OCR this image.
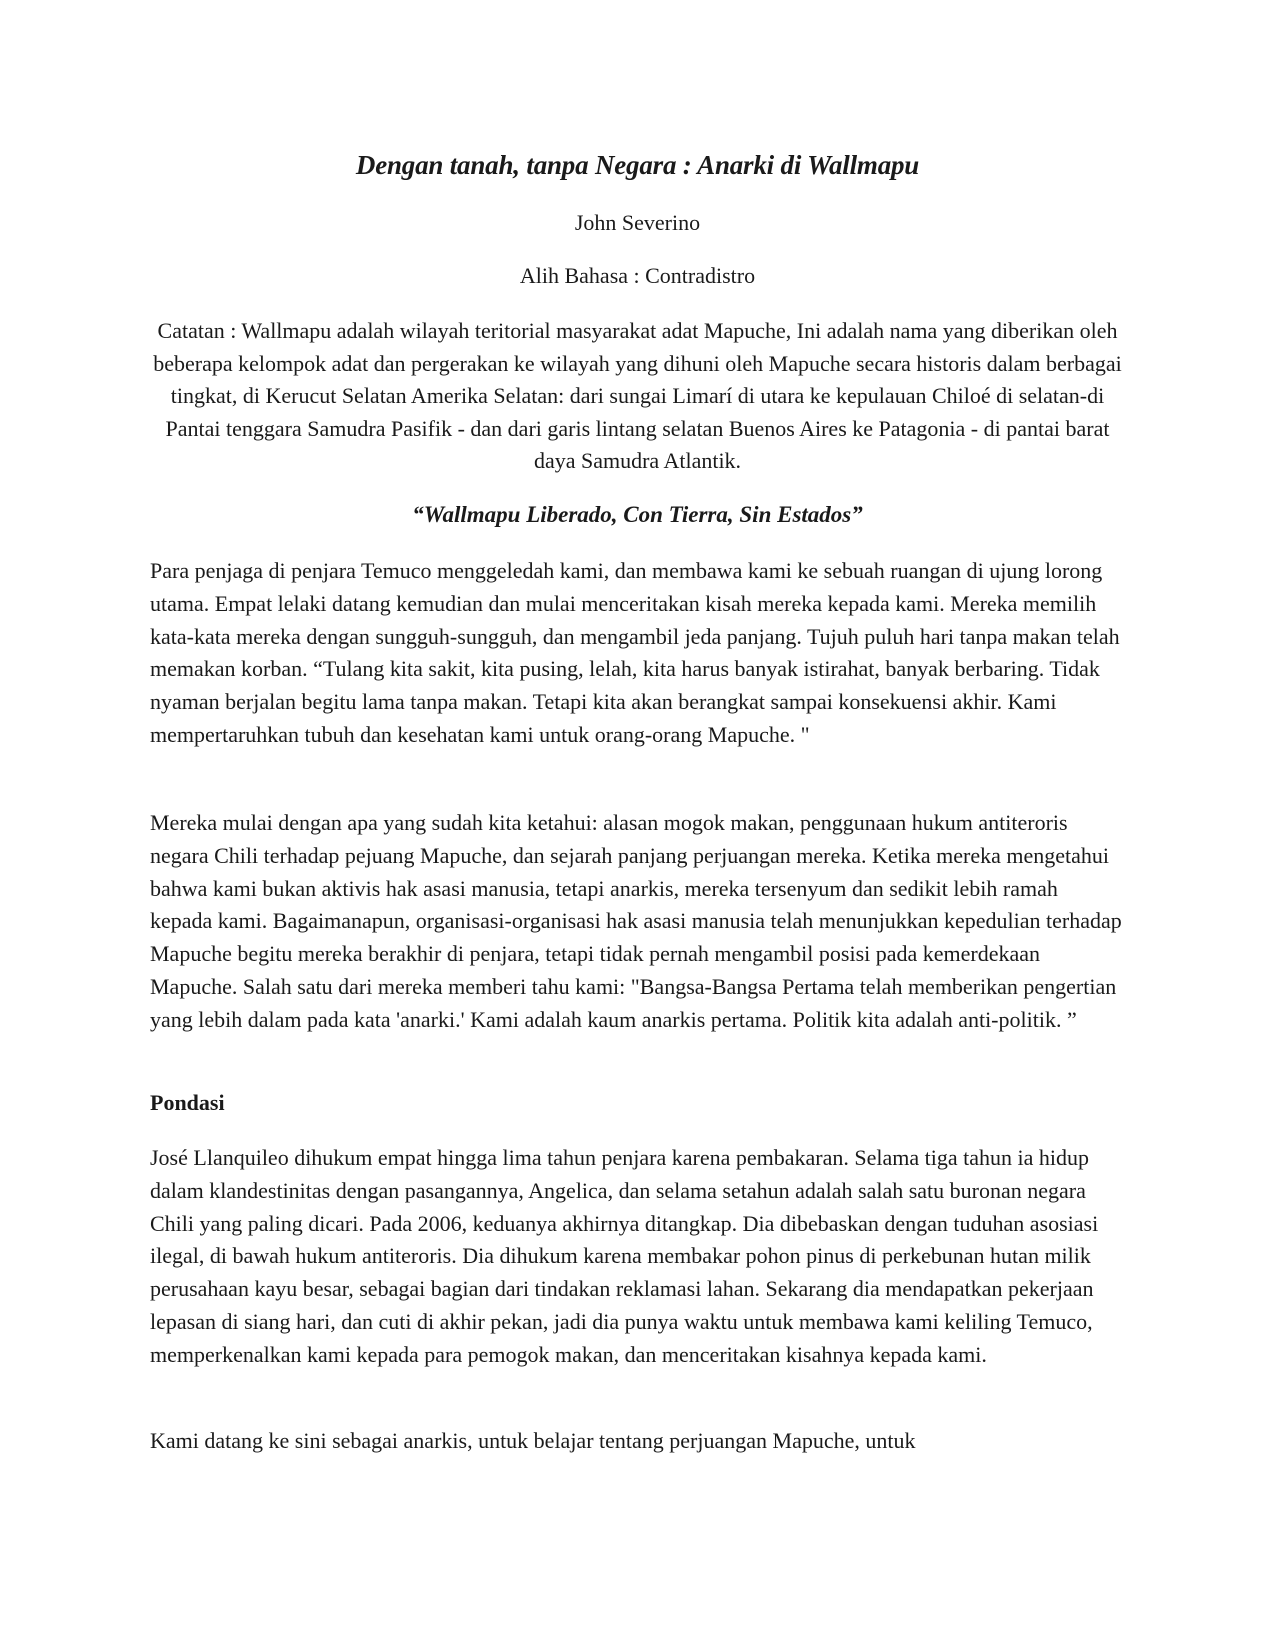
Dengan tanah, tanpa Negara : Anarki di Wallmapu

John Severino

Alih Bahasa : Contradistro

Catatan : Wallmapu adalah wilayah teritorial masyarakat adat Mapuche, Ini adalah nama yang diberikan oleh beberapa kelompok adat dan pergerakan ke wilayah yang dihuni oleh Mapuche secara historis dalam berbagai tingkat, di Kerucut Selatan Amerika Selatan: dari sungai Limarí di utara ke kepulauan Chiloé di selatan-di Pantai tenggara Samudra Pasifik - dan dari garis lintang selatan Buenos Aires ke Patagonia - di pantai barat daya Samudra Atlantik.

“Wallmapu Liberado, Con Tierra, Sin Estados”

Para penjaga di penjara Temuco menggeledah kami, dan membawa kami ke sebuah ruangan di ujung lorong utama. Empat lelaki datang kemudian dan mulai menceritakan kisah mereka kepada kami. Mereka memilih kata-kata mereka dengan sungguh-sungguh, dan mengambil jeda panjang. Tujuh puluh hari tanpa makan telah memakan korban. “Tulang kita sakit, kita pusing, lelah, kita harus banyak istirahat, banyak berbaring. Tidak nyaman berjalan begitu lama tanpa makan. Tetapi kita akan berangkat sampai konsekuensi akhir. Kami mempertaruhkan tubuh dan kesehatan kami untuk orang-orang Mapuche. "

Mereka mulai dengan apa yang sudah kita ketahui: alasan mogok makan, penggunaan hukum antiteroris negara Chili terhadap pejuang Mapuche, dan sejarah panjang perjuangan mereka. Ketika mereka mengetahui bahwa kami bukan aktivis hak asasi manusia, tetapi anarkis, mereka tersenyum dan sedikit lebih ramah kepada kami. Bagaimanapun, organisasi-organisasi hak asasi manusia telah menunjukkan kepedulian terhadap Mapuche begitu mereka berakhir di penjara, tetapi tidak pernah mengambil posisi pada kemerdekaan Mapuche. Salah satu dari mereka memberi tahu kami: "Bangsa-Bangsa Pertama telah memberikan pengertian yang lebih dalam pada kata 'anarki.' Kami adalah kaum anarkis pertama. Politik kita adalah anti-politik. ”

Pondasi

José Llanquileo dihukum empat hingga lima tahun penjara karena pembakaran. Selama tiga tahun ia hidup dalam klandestinitas dengan pasangannya, Angelica, dan selama setahun adalah salah satu buronan negara Chili yang paling dicari. Pada 2006, keduanya akhirnya ditangkap. Dia dibebaskan dengan tuduhan asosiasi ilegal, di bawah hukum antiteroris. Dia dihukum karena membakar pohon pinus di perkebunan hutan milik perusahaan kayu besar, sebagai bagian dari tindakan reklamasi lahan. Sekarang dia mendapatkan pekerjaan lepasan di siang hari, dan cuti di akhir pekan, jadi dia punya waktu untuk membawa kami keliling Temuco, memperkenalkan kami kepada para pemogok makan, dan menceritakan kisahnya kepada kami.

Kami datang ke sini sebagai anarkis, untuk belajar tentang perjuangan Mapuche, untuk
